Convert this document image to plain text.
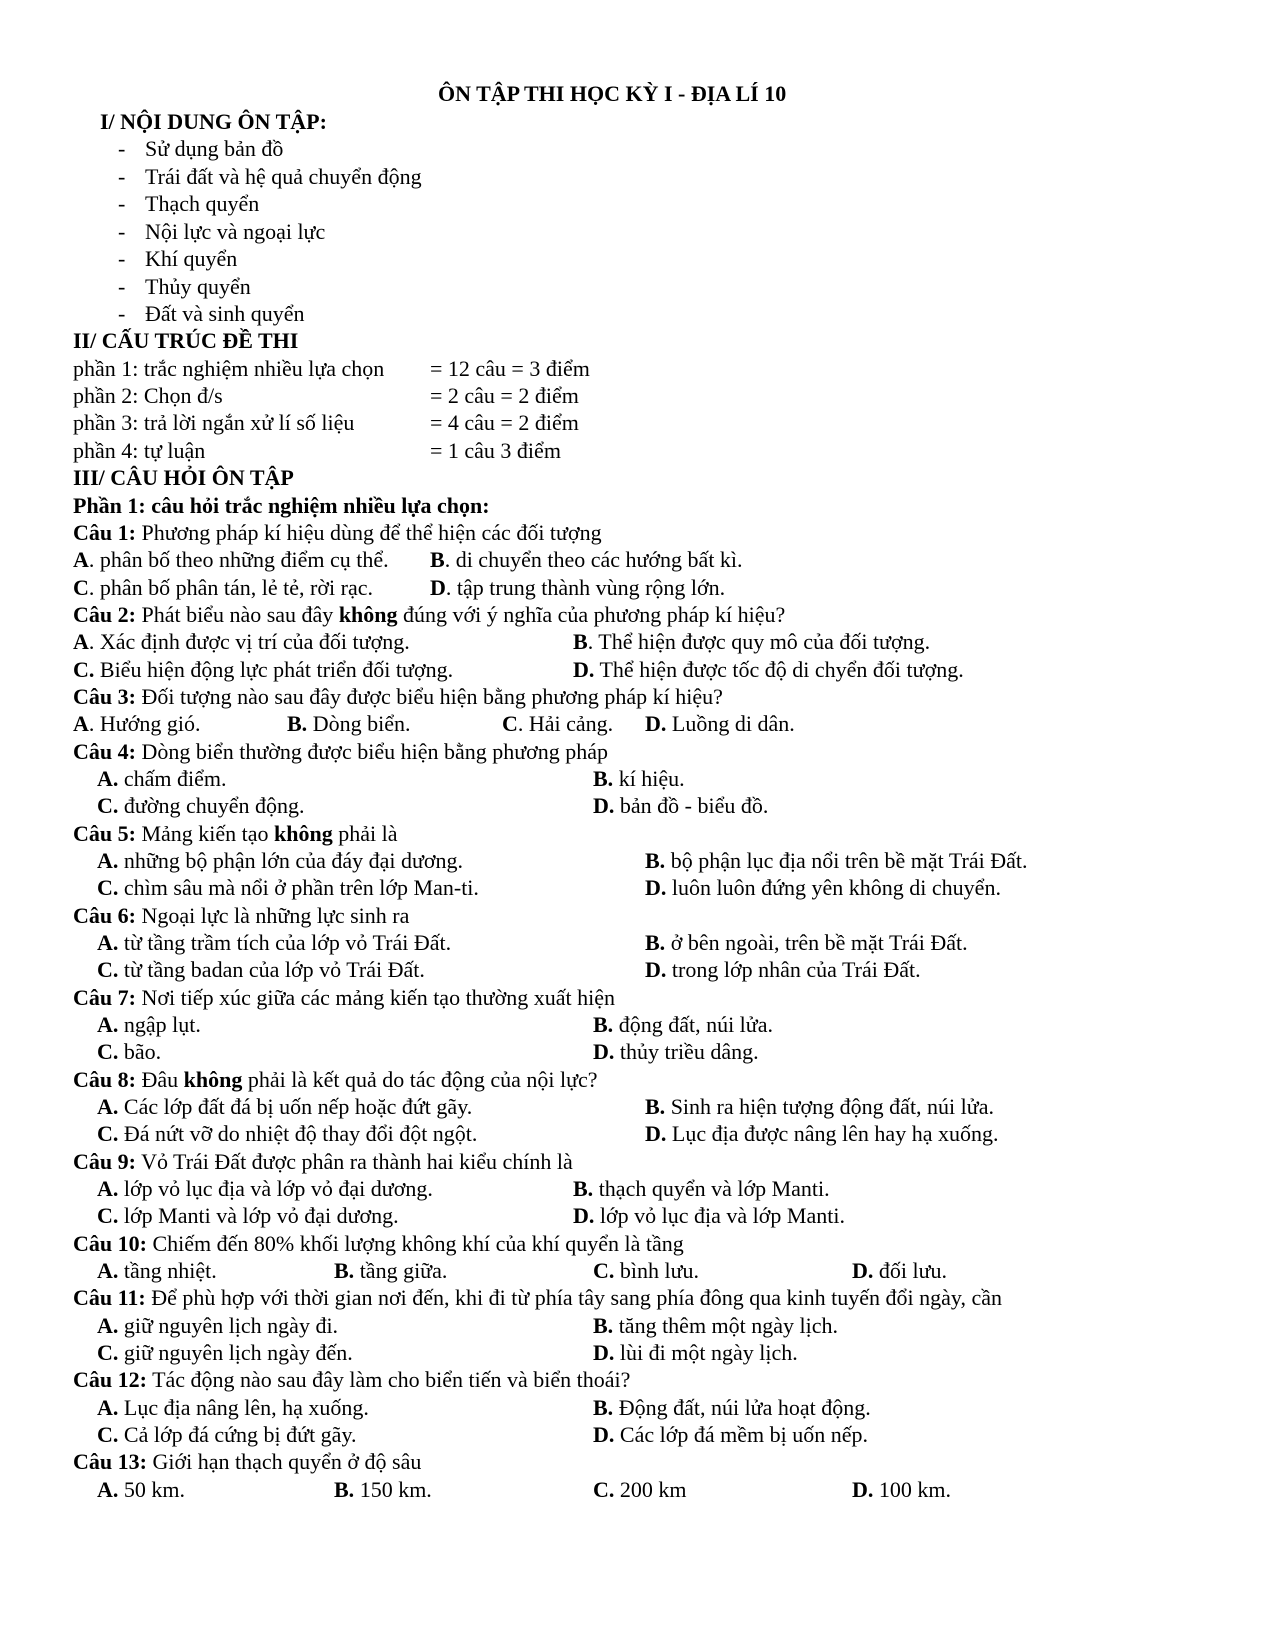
ÔN TẬP THI HỌC KỲ I - ĐỊA LÍ 10
I/ NỘI DUNG ÔN TẬP:
- Sử dụng bản đồ
- Trái đất và hệ quả chuyển động
- Thạch quyển
- Nội lực và ngoại lực
- Khí quyển
- Thủy quyển
- Đất và sinh quyển
II/ CẤU TRÚC ĐỀ THI
phần 1: trắc nghiệm nhiều lựa chọn = 12 câu = 3 điểm
phần 2: Chọn đ/s	= 2 câu = 2 điểm
phần 3: trả lời ngắn xử lí số liệu	= 4 câu = 2 điểm
phần 4: tự luận	= 1 câu 3 điểm
III/ CÂU HỎI ÔN TẬP
Phần 1: câu hỏi trắc nghiệm nhiều lựa chọn:
Câu 1: Phương pháp kí hiệu dùng để thể hiện các đối tượng
A. phân bố theo những điểm cụ thể. B. di chuyển theo các hướng bất kì.
C. phân bố phân tán, lẻ tẻ, rời rạc.	D. tập trung thành vùng rộng lớn.
Câu 2: Phát biểu nào sau đây không đúng với ý nghĩa của phương pháp kí hiệu?
A. Xác định được vị trí của đối tượng.	B. Thể hiện được quy mô của đối tượng.
C. Biểu hiện động lực phát triển đối tượng.	D. Thể hiện được tốc độ di chyển đối tượng.
Câu 3: Đối tượng nào sau đây được biểu hiện bằng phương pháp kí hiệu?
A. Hướng gió.	B. Dòng biển.	C. Hải cảng. D. Luồng di dân.
Câu 4: Dòng biển thường được biểu hiện bằng phương pháp
A. chấm điểm.	B. kí hiệu.
C. đường chuyển động.	D. bản đồ - biểu đồ.
Câu 5: Mảng kiến tạo không phải là
A. những bộ phận lớn của đáy đại dương.	B. bộ phận lục địa nổi trên bề mặt Trái Đất.
C. chìm sâu mà nổi ở phần trên lớp Man-ti.	D. luôn luôn đứng yên không di chuyển.
Câu 6: Ngoại lực là những lực sinh ra
A. từ tầng trầm tích của lớp vỏ Trái Đất.	B. ở bên ngoài, trên bề mặt Trái Đất.
C. từ tầng badan của lớp vỏ Trái Đất.	D. trong lớp nhân của Trái Đất.
Câu 7: Nơi tiếp xúc giữa các mảng kiến tạo thường xuất hiện
A. ngập lụt.	B. động đất, núi lửa.
C. bão.	D. thủy triều dâng.
Câu 8: Đâu không phải là kết quả do tác động của nội lực?
A. Các lớp đất đá bị uốn nếp hoặc đứt gãy.	B. Sinh ra hiện tượng động đất, núi lửa.
C. Đá nứt vỡ do nhiệt độ thay đổi đột ngột.	D. Lục địa được nâng lên hay hạ xuống.
Câu 9: Vỏ Trái Đất được phân ra thành hai kiểu chính là
A. lớp vỏ lục địa và lớp vỏ đại dương.	B. thạch quyển và lớp Manti.
C. lớp Manti và lớp vỏ đại dương.	D. lớp vỏ lục địa và lớp Manti.
Câu 10: Chiếm đến 80% khối lượng không khí của khí quyển là tầng
A. tầng nhiệt.	B. tầng giữa.	C. bình lưu.	D. đối lưu.
Câu 11: Để phù hợp với thời gian nơi đến, khi đi từ phía tây sang phía đông qua kinh tuyến đổi ngày, cần
A. giữ nguyên lịch ngày đi.	B. tăng thêm một ngày lịch.
C. giữ nguyên lịch ngày đến.	D. lùi đi một ngày lịch.
Câu 12: Tác động nào sau đây làm cho biển tiến và biển thoái?
A. Lục địa nâng lên, hạ xuống.	B. Động đất, núi lửa hoạt động.
C. Cả lớp đá cứng bị đứt gãy.	D. Các lớp đá mềm bị uốn nếp.
Câu 13: Giới hạn thạch quyển ở độ sâu
A. 50 km.	B. 150 km.	C. 200 km	D. 100 km.
